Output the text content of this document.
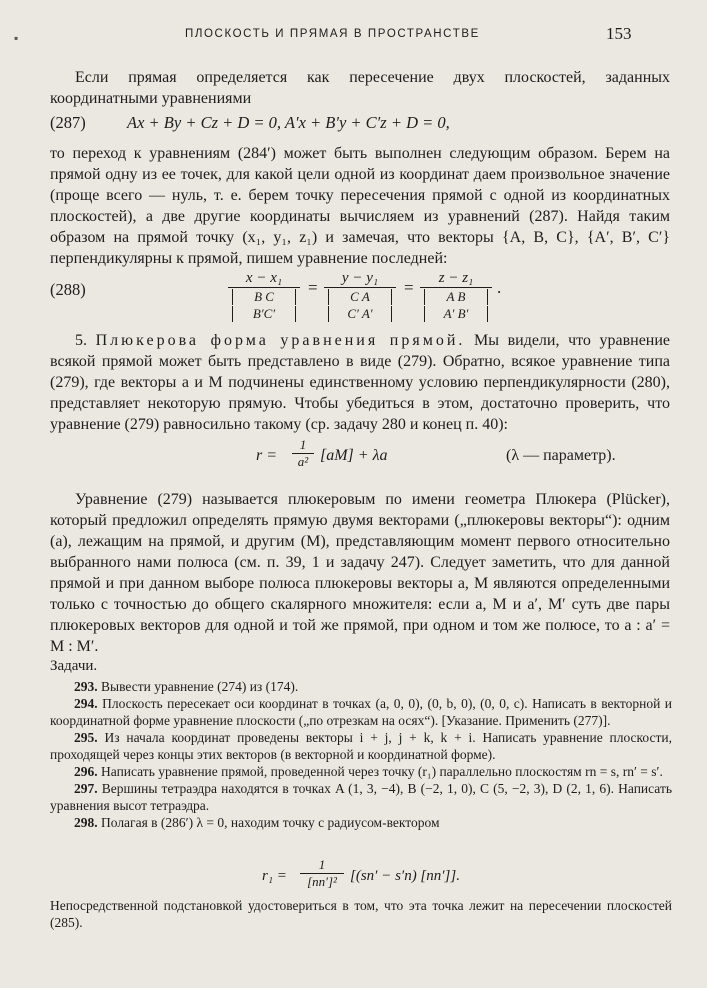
▪	ПЛОСКОСТЬ И ПРЯМАЯ В ПРОСТРАНСТВЕ	153
Если прямая определяется как пересечение двух плоскостей, заданных координатными уравнениями
(287)	Ax + By + Cz + D = 0, A′x + B′y + C′z + D = 0,
то переход к уравнениям (284′) может быть выполнен следующим образом. Берем на прямой одну из ее точек, для какой цели одной из координат даем произвольное значение (проще всего — нуль, т. е. берем точку пересечения прямой с одной из координатных плоскостей), а две другие координаты вычисляем из уравнений (287). Найдя таким образом на прямой точку (x₁, y₁, z₁) и замечая, что векторы {A, B, C}, {A′, B′, C′} перпендикулярны к прямой, пишем уравнение последней:
(288)
x − x₁
B C
B′C′
=	y − y₁
C A
C′ A′
=	z − z₁
A B
A′ B′
.
5. Плюкерова форма уравнения прямой. Мы видели, что уравнение всякой прямой может быть представлено в виде (279). Обратно, всякое уравнение типа (279), где векторы a и M подчинены единственному условию перпендикулярности (280), представляет некоторую прямую. Чтобы убедиться в этом, достаточно проверить, что уравнение (279) равносильно такому (ср. задачу 280 и конец п. 40):
$r = \frac{1}{\text{a²}} [aM] + \lambda a$	(λ — параметр).
Уравнение (279) называется плюкеровым по имени геометра Плюкера (Plücker), который предложил определять прямую двумя векторами („плюкеровы векторы“): одним (a), лежащим на прямой, и другим (M), представляющим момент первого относительно выбранного нами полюса (см. п. 39, 1 и задачу 247). Следует заметить, что для данной прямой и при данном выборе полюса плюкеровы векторы a, M являются определенными только с точностью до общего скалярного множителя: если a, M и a′, M′ суть две пары плюкеровых векторов для одной и той же прямой, при одном и том же полюсе, то a : a′ = M : M′.
Задачи.
293. Вывести уравнение (274) из (174).
294. Плоскость пересекает оси координат в точках (a, 0, 0), (0, b, 0), (0, 0, c). Написать в векторной и координатной форме уравнение плоскости („по отрезкам на осях“). [Указание. Применить (277)].
295. Из начала координат проведены векторы i + j, j + k, k + i. Написать уравнение плоскости, проходящей через концы этих векторов (в векторной и координатной форме).
296. Написать уравнение прямой, проведенной через точку (r₁) параллельно плоскостям rn = s, rn′ = s′.
297. Вершины тетраэдра находятся в точках A (1, 3, −4), B (−2, 1, 0), C (5, −2, 3), D (2, 1, 6). Написать уравнения высот тетраэдра.
298. Полагая в (286′) λ = 0, находим точку с радиусом-вектором
$r_1 = \frac{1}{\text{[nn′]²}} [(sn' - s'n)$ [nn′]].
Непосредственной подстановкой удостовериться в том, что эта точка лежит на пересечении плоскостей (285).
